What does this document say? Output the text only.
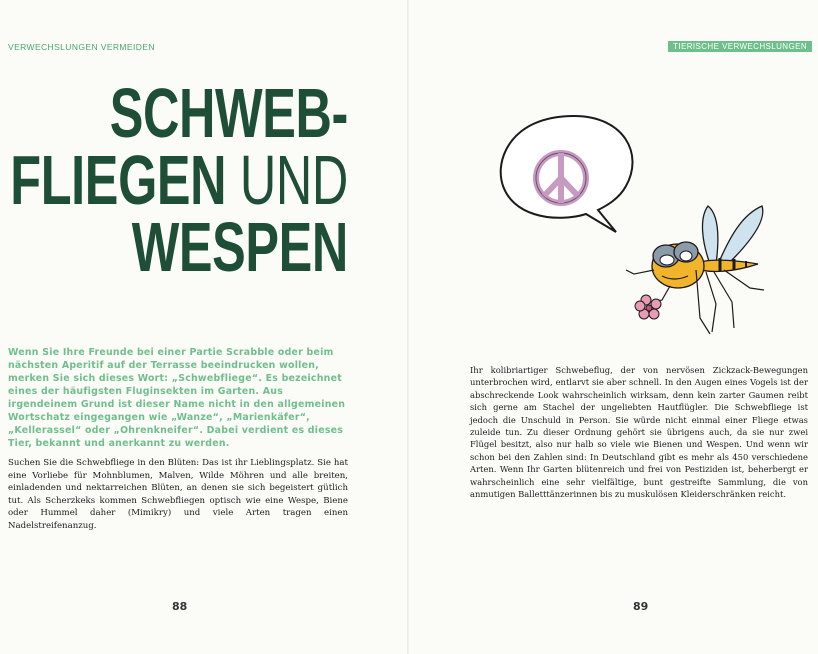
VERWECHSLUNGEN VERMEIDEN	TIERISCHE VERWECHSLUNGEN
SCHWEB-
FLIEGEN UND
WESPEN
Wenn Sie Ihre Freunde bei einer Partie Scrabble oder beim nächsten Aperitif auf der Terrasse beeindrucken wollen, merken Sie sich dieses Wort: „Schwebfliege“. Es bezeichnet eines der häufigsten Fluginsekten im Garten. Aus irgendeinem Grund ist dieser Name nicht in den allgemeinen Wortschatz eingegangen wie „Wanze“, „Marienkäfer“, „Kellerassel“ oder „Ohrenkneifer“. Dabei verdient es dieses Tier, bekannt und anerkannt zu werden.
Suchen Sie die Schwebfliege in den Blüten: Das ist ihr Lieblingsplatz. Sie hat eine Vorliebe für Mohnblumen, Malven, Wilde Möhren und alle breiten, einladenden und nektarreichen Blüten, an denen sie sich begeistert gütlich tut. Als Scherzkeks kommen Schwebfliegen optisch wie eine Wespe, Biene oder Hummel daher (Mimikry) und viele Arten tragen einen Nadelstreifenanzug.
Ihr kolibriartiger Schwebeflug, der von nervösen Zickzack-Bewegungen unterbrochen wird, entlarvt sie aber schnell. In den Augen eines Vogels ist der abschreckende Look wahrscheinlich wirksam, denn kein zarter Gaumen reibt sich gerne am Stachel der ungeliebten Hautflügler. Die Schwebfliege ist jedoch die Unschuld in Person. Sie würde nicht einmal einer Fliege etwas zuleide tun. Zu dieser Ordnung gehört sie übrigens auch, da sie nur zwei Flügel besitzt, also nur halb so viele wie Bienen und Wespen. Und wenn wir schon bei den Zahlen sind: In Deutschland gibt es mehr als 450 verschiedene Arten. Wenn Ihr Garten blütenreich und frei von Pestiziden ist, beherbergt er wahrscheinlich eine sehr vielfältige, bunt gestreifte Sammlung, die von anmutigen Balletttänzerinnen bis zu muskulösen Kleiderschränken reicht.
88	89
